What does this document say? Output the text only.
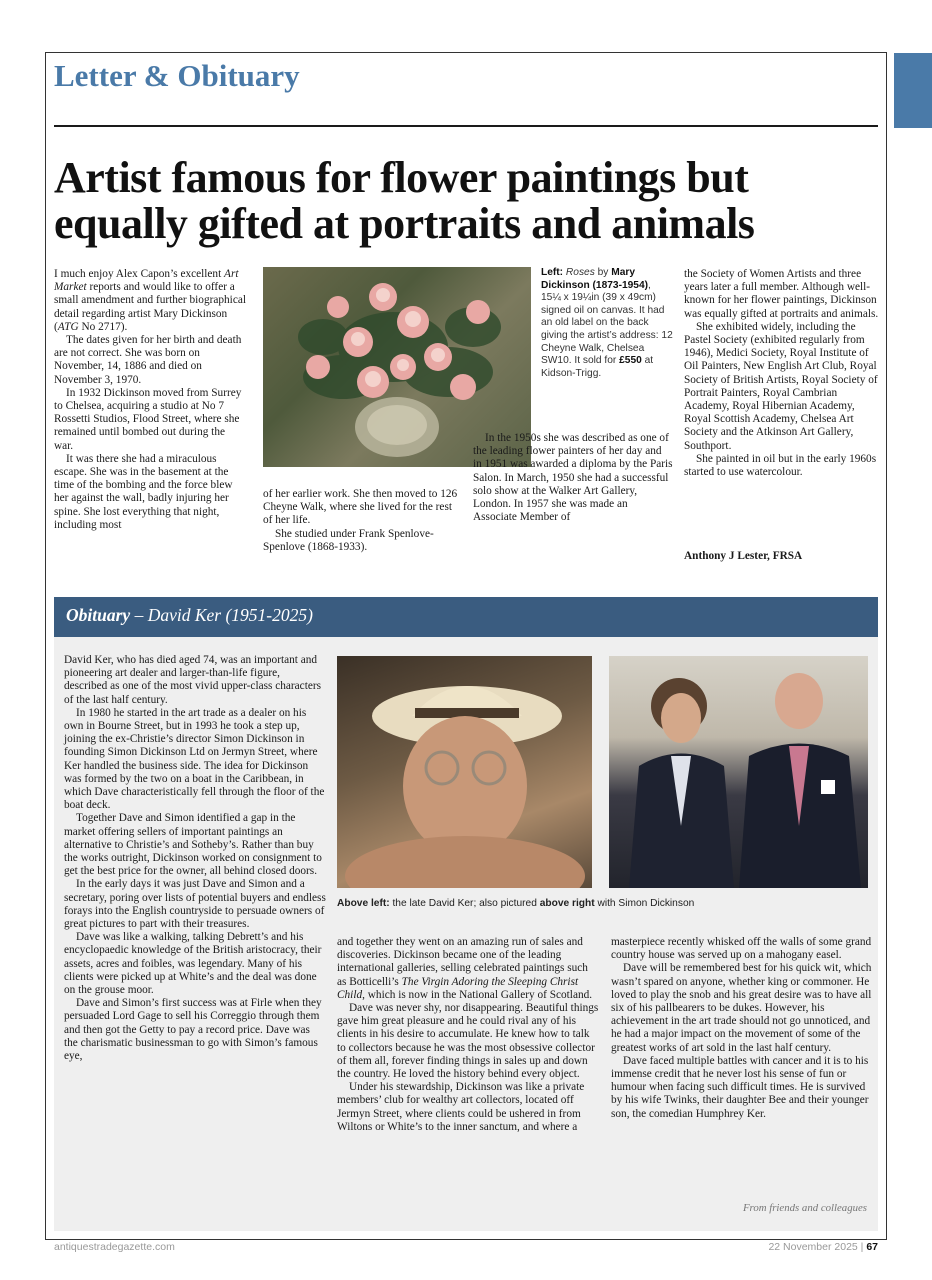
Letter & Obituary
Artist famous for flower paintings but equally gifted at portraits and animals

I much enjoy Alex Capon’s excellent Art Market reports and would like to offer a small amendment and further biographical detail regarding artist Mary Dickinson (ATG No 2717).

The dates given for her birth and death are not correct. She was born on November, 14, 1886 and died on November 3, 1970.

In 1932 Dickinson moved from Surrey to Chelsea, acquiring a studio at No 7 Rossetti Studios, Flood Street, where she remained until bombed out during the war.

It was there she had a miraculous escape. She was in the basement at the time of the bombing and the force blew her against the wall, badly injuring her spine. She lost everything that night, including most

of her earlier work. She then moved to 126 Cheyne Walk, where she lived for the rest of her life.

She studied under Frank Spenlove-Spenlove (1868-1933).

Left: Roses by Mary Dickinson (1873-1954), 15¼ x 19¼in (39 x 49cm) signed oil on canvas. It had an old label on the back giving the artist’s address: 12 Cheyne Walk, Chelsea SW10. It sold for £550 at Kidson-Trigg.

In the 1950s she was described as one of the leading flower painters of her day and in 1951 was awarded a diploma by the Paris Salon. In March, 1950 she had a successful solo show at the Walker Art Gallery, London. In 1957 she was made an Associate Member of

the Society of Women Artists and three years later a full member. Although well-known for her flower paintings, Dickinson was equally gifted at portraits and animals.

She exhibited widely, including the Pastel Society (exhibited regularly from 1946), Medici Society, Royal Institute of Oil Painters, New English Art Club, Royal Society of British Artists, Royal Society of Portrait Painters, Royal Cambrian Academy, Royal Hibernian Academy, Royal Scottish Academy, Chelsea Art Society and the Atkinson Art Gallery, Southport.

She painted in oil but in the early 1960s started to use watercolour.

Anthony J Lester, FRSA
Obituary – David Ker (1951-2025)

David Ker, who has died aged 74, was an important and pioneering art dealer and larger-than-life figure, described as one of the most vivid upper-class characters of the last half century.

In 1980 he started in the art trade as a dealer on his own in Bourne Street, but in 1993 he took a step up, joining the ex-Christie’s director Simon Dickinson in founding Simon Dickinson Ltd on Jermyn Street, where Ker handled the business side. The idea for Dickinson was formed by the two on a boat in the Caribbean, in which Dave characteristically fell through the floor of the boat deck.

Together Dave and Simon identified a gap in the market offering sellers of important paintings an alternative to Christie’s and Sotheby’s. Rather than buy the works outright, Dickinson worked on consignment to get the best price for the owner, all behind closed doors.

In the early days it was just Dave and Simon and a secretary, poring over lists of potential buyers and endless forays into the English countryside to persuade owners of great pictures to part with their treasures.

Dave was like a walking, talking Debrett’s and his encyclopaedic knowledge of the British aristocracy, their assets, acres and foibles, was legendary. Many of his clients were picked up at White’s and the deal was done on the grouse moor.

Dave and Simon’s first success was at Firle when they persuaded Lord Gage to sell his Correggio through them and then got the Getty to pay a record price. Dave was the charismatic businessman to go with Simon’s famous eye,

Above left: the late David Ker; also pictured above right with Simon Dickinson

and together they went on an amazing run of sales and discoveries. Dickinson became one of the leading international galleries, selling celebrated paintings such as Botticelli’s The Virgin Adoring the Sleeping Christ Child, which is now in the National Gallery of Scotland.

Dave was never shy, nor disappearing. Beautiful things gave him great pleasure and he could rival any of his clients in his desire to accumulate. He knew how to talk to collectors because he was the most obsessive collector of them all, forever finding things in sales up and down the country. He loved the history behind every object.

Under his stewardship, Dickinson was like a private members’ club for wealthy art collectors, located off Jermyn Street, where clients could be ushered in from Wiltons or White’s to the inner sanctum, and where a

masterpiece recently whisked off the walls of some grand country house was served up on a mahogany easel.

Dave will be remembered best for his quick wit, which wasn’t spared on anyone, whether king or commoner. He loved to play the snob and his great desire was to have all six of his pallbearers to be dukes. However, his achievement in the art trade should not go unnoticed, and he had a major impact on the movement of some of the greatest works of art sold in the last half century.

Dave faced multiple battles with cancer and it is to his immense credit that he never lost his sense of fun or humour when facing such difficult times. He is survived by his wife Twinks, their daughter Bee and their younger son, the comedian Humphrey Ker.

From friends and colleagues
antiquestradegazette.com	22 November 2025 | 67
